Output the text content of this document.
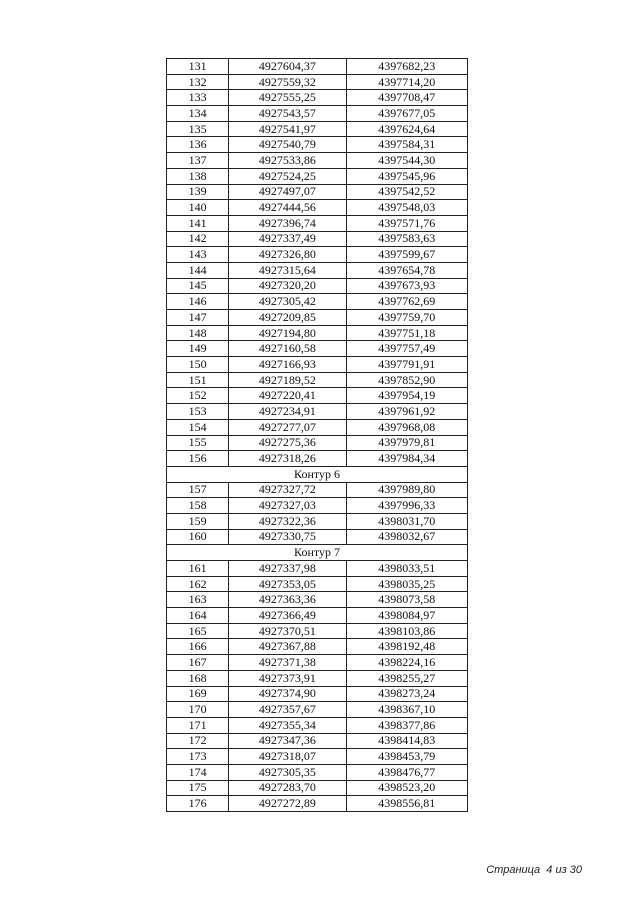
131	4927604,37	4397682,23
132	4927559,32	4397714,20
133	4927555,25	4397708,47
134	4927543,57	4397677,05
135	4927541,97	4397624,64
136	4927540,79	4397584,31
137	4927533,86	4397544,30
138	4927524,25	4397545,96
139	4927497,07	4397542,52
140	4927444,56	4397548,03
141	4927396,74	4397571,76
142	4927337,49	4397583,63
143	4927326,80	4397599,67
144	4927315,64	4397654,78
145	4927320,20	4397673,93
146	4927305,42	4397762,69
147	4927209,85	4397759,70
148	4927194,80	4397751,18
149	4927160,58	4397757,49
150	4927166,93	4397791,91
151	4927189,52	4397852,90
152	4927220,41	4397954,19
153	4927234,91	4397961,92
154	4927277,07	4397968,08
155	4927275,36	4397979,81
156	4927318,26	4397984,34
Контур 6		
157	4927327,72	4397989,80
158	4927327,03	4397996,33
159	4927322,36	4398031,70
160	4927330,75	4398032,67
Контур 7		
161	4927337,98	4398033,51
162	4927353,05	4398035,25
163	4927363,36	4398073,58
164	4927366,49	4398084,97
165	4927370,51	4398103,86
166	4927367,88	4398192,48
167	4927371,38	4398224,16
168	4927373,91	4398255,27
169	4927374,90	4398273,24
170	4927357,67	4398367,10
171	4927355,34	4398377,86
172	4927347,36	4398414,83
173	4927318,07	4398453,79
174	4927305,35	4398476,77
175	4927283,70	4398523,20
176	4927272,89	4398556,81
Страница 4 из 30
